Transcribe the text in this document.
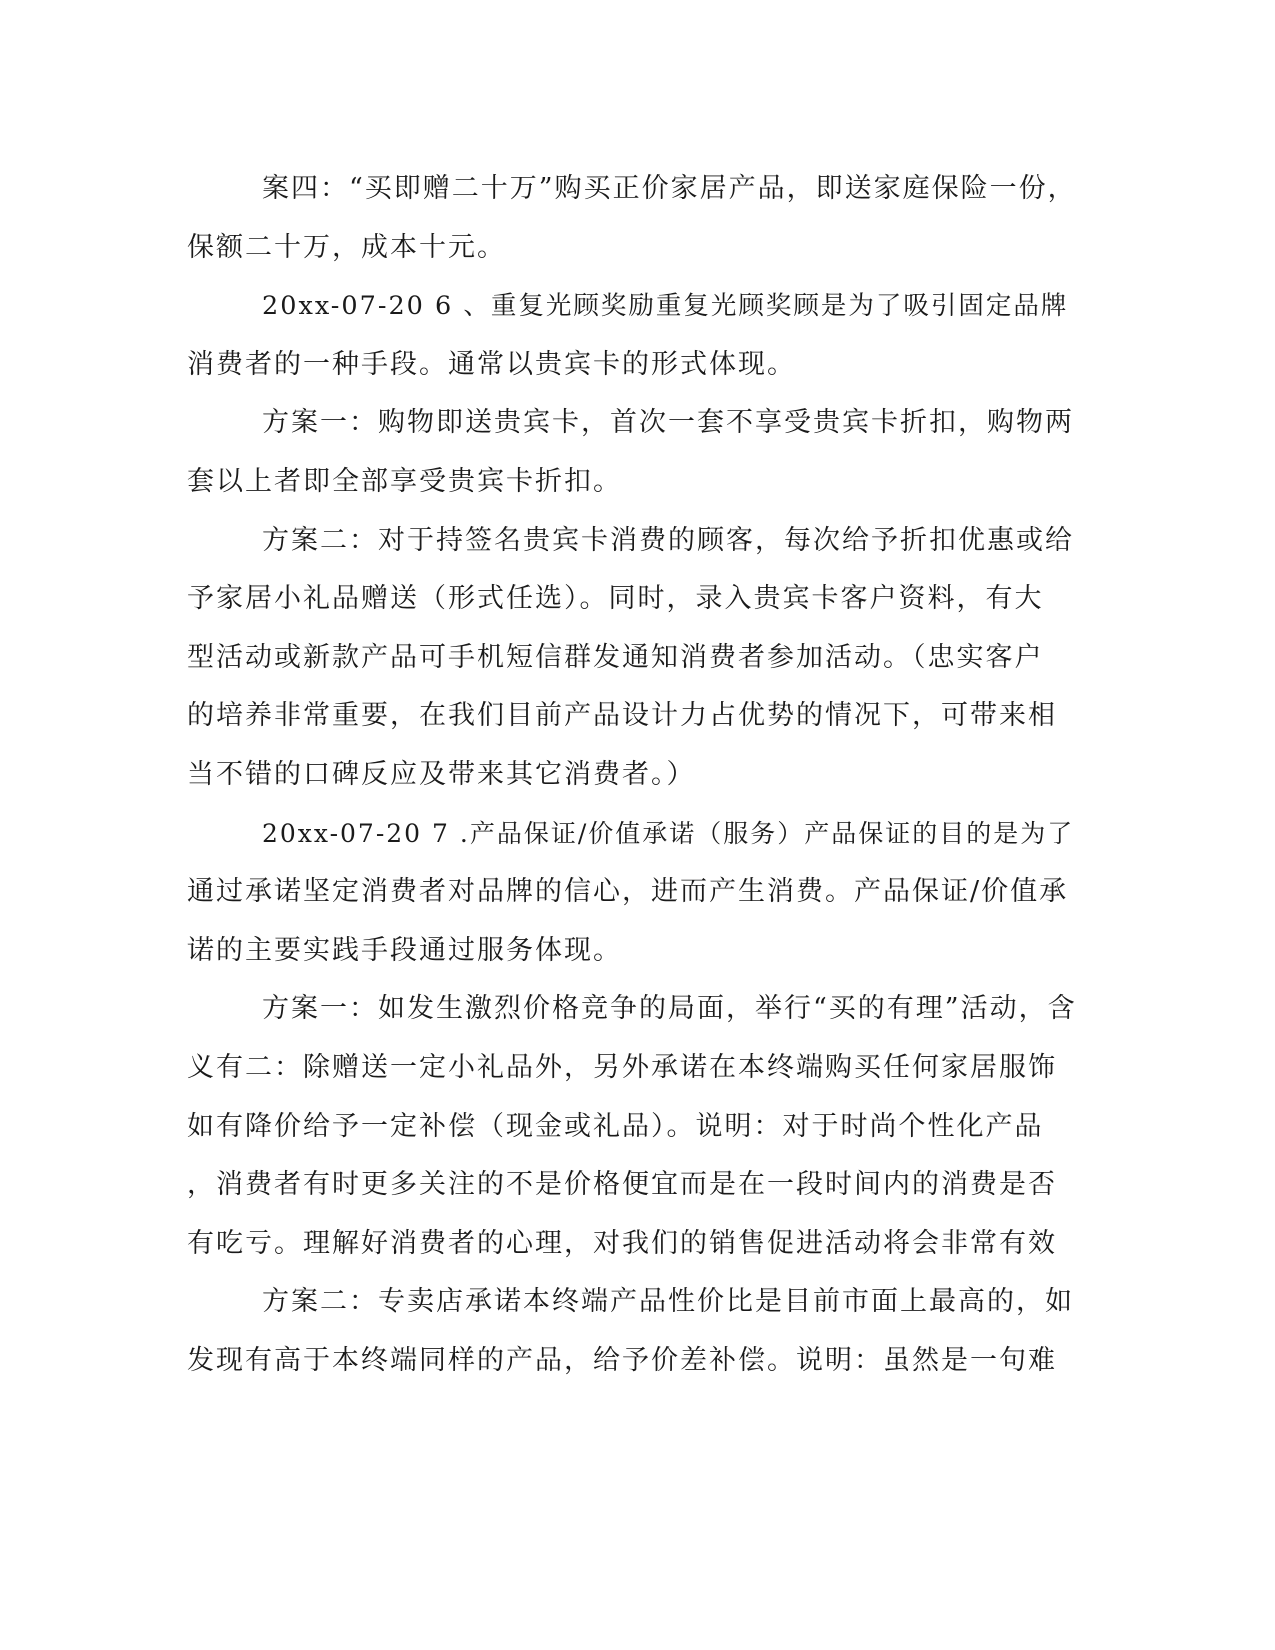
案四：“买即赠二十万”购买正价家居产品，即送家庭保险一份，
保额二十万，成本十元。
20xx-07-20 6 、重复光顾奖励重复光顾奖顾是为了吸引固定品牌
消费者的一种手段。通常以贵宾卡的形式体现。
方案一：购物即送贵宾卡，首次一套不享受贵宾卡折扣，购物两
套以上者即全部享受贵宾卡折扣。
方案二：对于持签名贵宾卡消费的顾客，每次给予折扣优惠或给
予家居小礼品赠送（形式任选）。同时，录入贵宾卡客户资料，有大
型活动或新款产品可手机短信群发通知消费者参加活动。（忠实客户
的培养非常重要，在我们目前产品设计力占优势的情况下，可带来相
当不错的口碑反应及带来其它消费者。）
20xx-07-20 7 .产品保证/价值承诺（服务）产品保证的目的是为了
通过承诺坚定消费者对品牌的信心，进而产生消费。产品保证/价值承
诺的主要实践手段通过服务体现。
方案一：如发生激烈价格竞争的局面，举行“买的有理”活动，含
义有二：除赠送一定小礼品外，另外承诺在本终端购买任何家居服饰
如有降价给予一定补偿（现金或礼品）。说明：对于时尚个性化产品
，消费者有时更多关注的不是价格便宜而是在一段时间内的消费是否
有吃亏。理解好消费者的心理，对我们的销售促进活动将会非常有效
方案二：专卖店承诺本终端产品性价比是目前市面上最高的，如
发现有高于本终端同样的产品，给予价差补偿。说明：虽然是一句难
